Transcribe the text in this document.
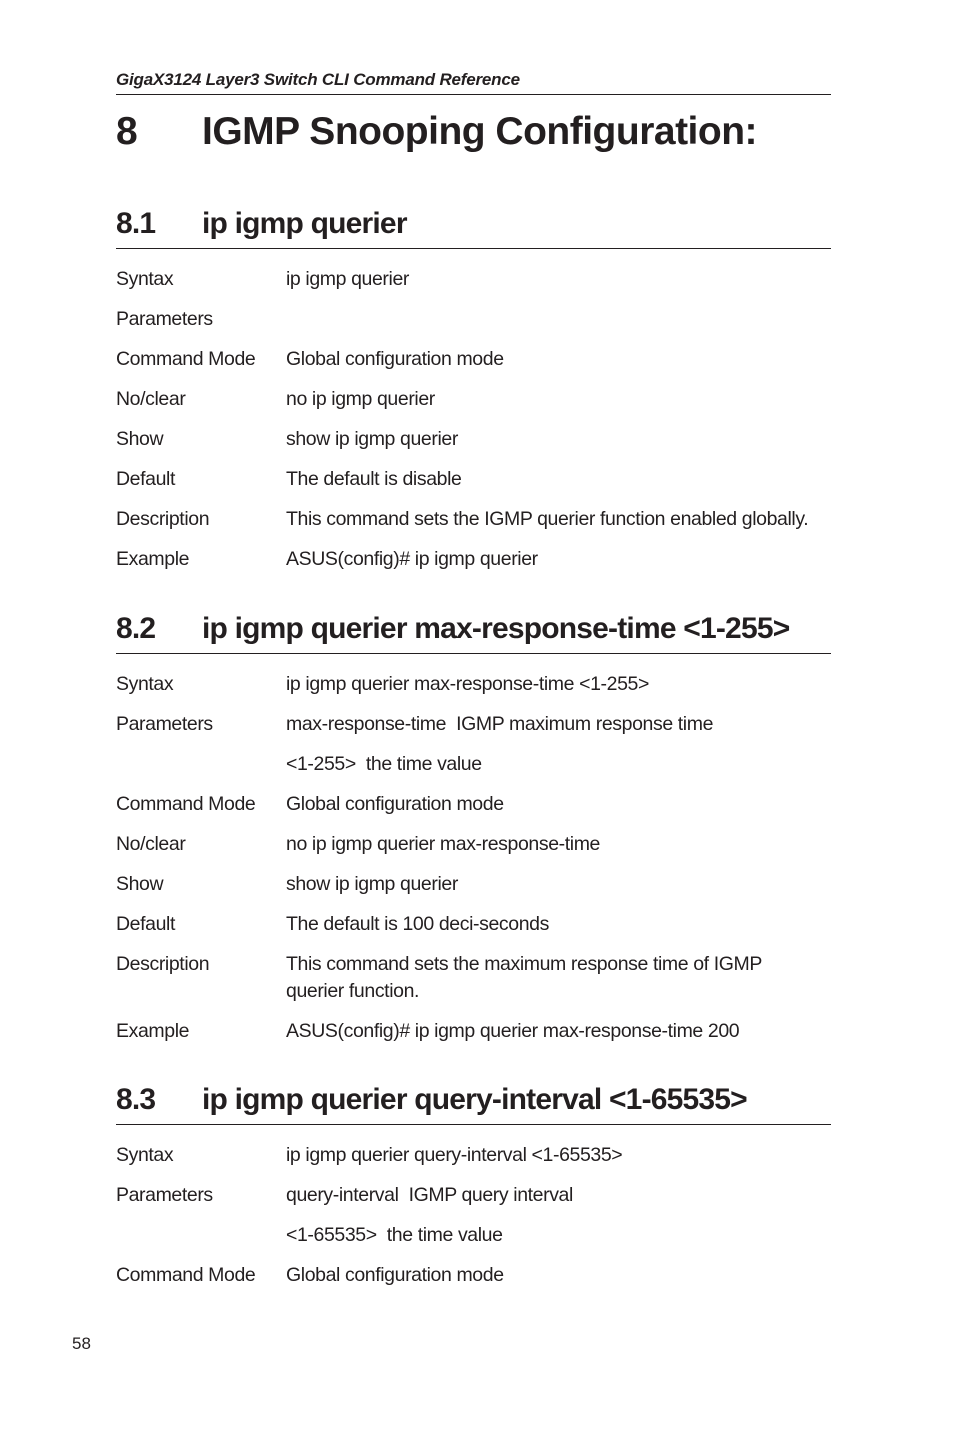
GigaX3124 Layer3 Switch CLI Command Reference
8 IGMP Snooping Configuration:
8.1 ip igmp querier
Syntax	ip igmp querier
Parameters
Command Mode	Global configuration mode
No/clear	no ip igmp querier
Show	show ip igmp querier
Default	The default is disable
Description	This command sets the IGMP querier function enabled globally.
Example	ASUS(config)# ip igmp querier
8.2 ip igmp querier max-response-time <1-255>
Syntax	ip igmp querier max-response-time <1-255>
Parameters	max-response-time  IGMP maximum response time
<1-255>  the time value
Command Mode	Global configuration mode
No/clear	no ip igmp querier max-response-time
Show	show ip igmp querier
Default	The default is 100 deci-seconds
Description	This command sets the maximum response time of IGMP querier function.
Example	ASUS(config)# ip igmp querier max-response-time 200
8.3 ip igmp querier query-interval <1-65535>
Syntax	ip igmp querier query-interval <1-65535>
Parameters	query-interval  IGMP query interval
<1-65535>  the time value
Command Mode	Global configuration mode
58
